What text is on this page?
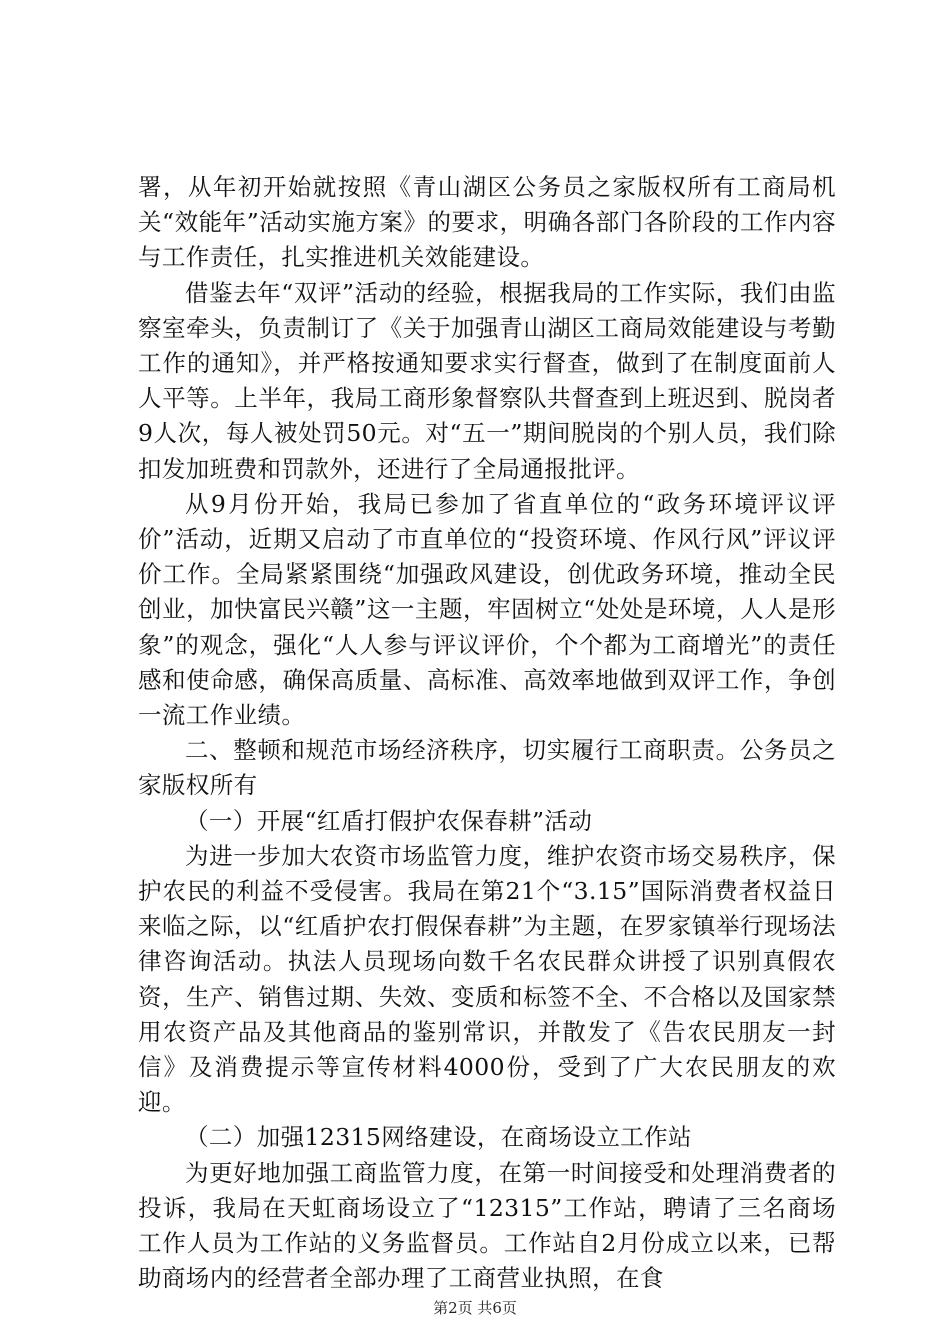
署，从年初开始就按照《青山湖区公务员之家版权所有工商局机关“效能年”活动实施方案》的要求，明确各部门各阶段的工作内容与工作责任，扎实推进机关效能建设。

借鉴去年“双评”活动的经验，根据我局的工作实际，我们由监察室牵头，负责制订了《关于加强青山湖区工商局效能建设与考勤工作的通知》，并严格按通知要求实行督查，做到了在制度面前人人平等。上半年，我局工商形象督察队共督查到上班迟到、脱岗者9人次，每人被处罚50元。对“五一”期间脱岗的个别人员，我们除扣发加班费和罚款外，还进行了全局通报批评。

从9月份开始，我局已参加了省直单位的“政务环境评议评价”活动，近期又启动了市直单位的“投资环境、作风行风”评议评价工作。全局紧紧围绕“加强政风建设，创优政务环境，推动全民创业，加快富民兴赣”这一主题，牢固树立“处处是环境，人人是形象”的观念，强化“人人参与评议评价，个个都为工商增光”的责任感和使命感，确保高质量、高标准、高效率地做到双评工作，争创一流工作业绩。

二、整顿和规范市场经济秩序，切实履行工商职责。公务员之家版权所有

（一）开展“红盾打假护农保春耕”活动

为进一步加大农资市场监管力度，维护农资市场交易秩序，保护农民的利益不受侵害。我局在第21个“3.15”国际消费者权益日来临之际，以“红盾护农打假保春耕”为主题，在罗家镇举行现场法律咨询活动。执法人员现场向数千名农民群众讲授了识别真假农资，生产、销售过期、失效、变质和标签不全、不合格以及国家禁用农资产品及其他商品的鉴别常识，并散发了《告农民朋友一封信》及消费提示等宣传材料4000份，受到了广大农民朋友的欢迎。

（二）加强12315网络建设，在商场设立工作站

为更好地加强工商监管力度，在第一时间接受和处理消费者的投诉，我局在天虹商场设立了“12315”工作站，聘请了三名商场工作人员为工作站的义务监督员。工作站自2月份成立以来，已帮助商场内的经营者全部办理了工商营业执照，在食

第2页 共6页
